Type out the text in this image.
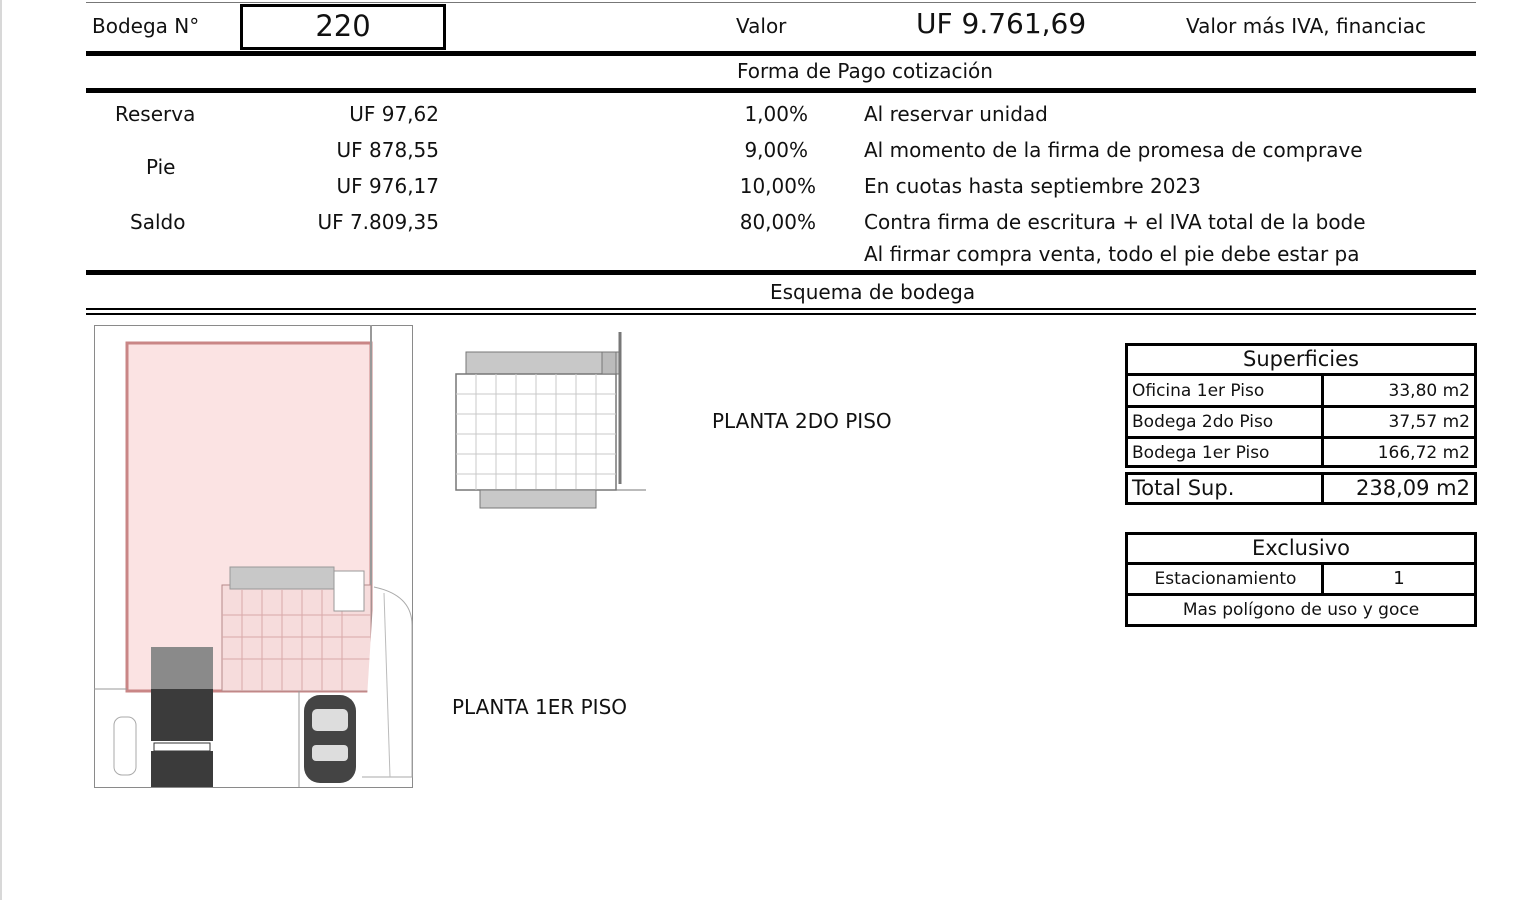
Bodega N°	220	Valor	UF 9.761,69	Valor más IVA, financiac
Forma de Pago cotización
Reserva	UF 97,62	1,00%	Al reservar unidad
Pie
UF 878,55	9,00%	Al momento de la firma de promesa de comprave
UF 976,17	10,00% En cuotas hasta septiembre 2023
Saldo	UF 7.809,35	80,00% Contra firma de escritura + el IVA total de la bode
Al firmar compra venta, todo el pie debe estar pa
Esquema de bodega
PLANTA 2DO PISO
PLANTA 1ER PISO
Superficies
Oficina 1er Piso	33,80 m2
Bodega 2do Piso	37,57 m2
Bodega 1er Piso	166,72 m2
Total Sup.	238,09 m2
Exclusivo
Estacionamiento	1
Mas polígono de uso y goce
